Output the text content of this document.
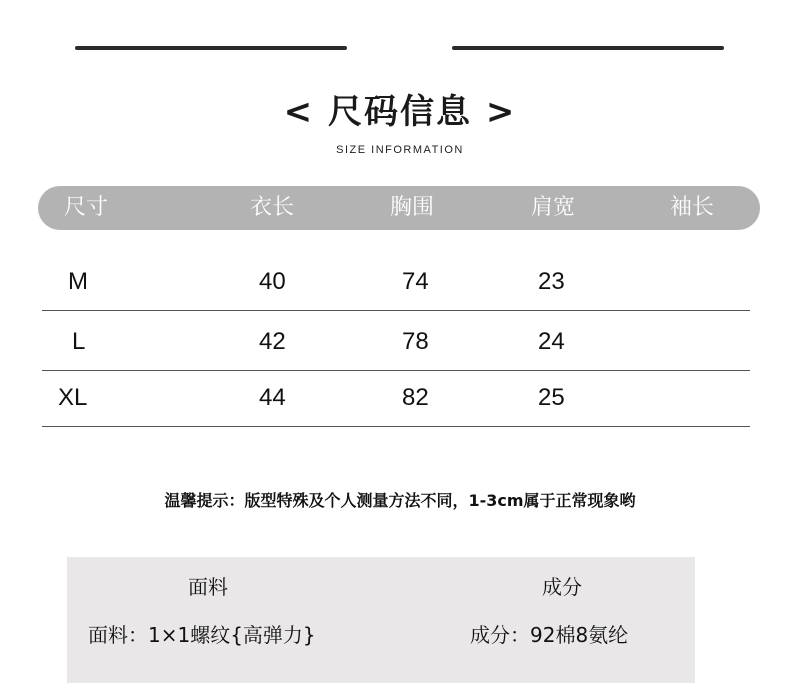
< 尺码信息 >
SIZE INFORMATION
尺寸	衣长	胸围	肩宽	袖长
M	40	74	23
L	42	78	24
XL	44	82	25
温馨提示：版型特殊及个人测量方法不同，1-3cm属于正常现象哟
面料
面料：1×1螺纹{高弹力}
成分
成分：92棉8氨纶
